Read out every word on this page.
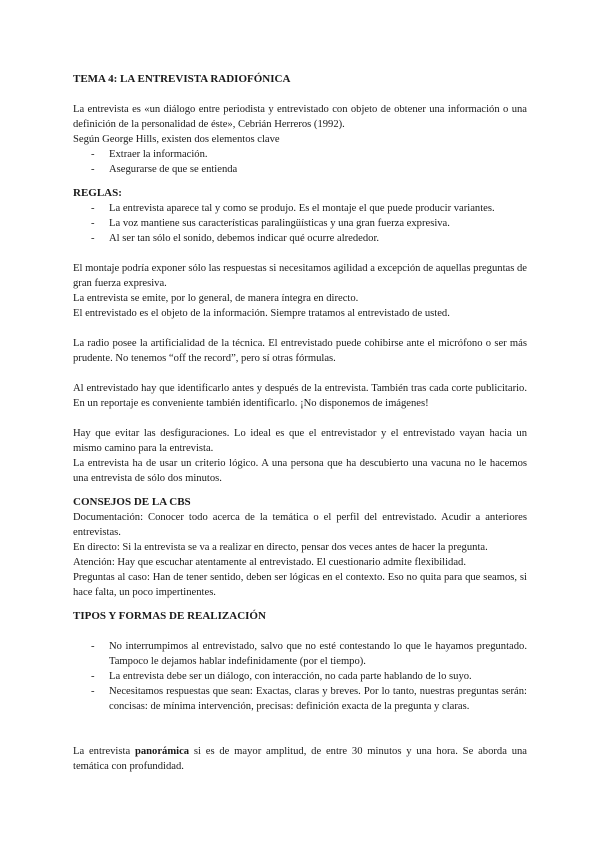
TEMA 4: LA ENTREVISTA RADIOFÓNICA

La entrevista es «un diálogo entre periodista y entrevistado con objeto de obtener una información o una definición de la personalidad de éste», Cebrián Herreros (1992).

Según George Hills, existen dos elementos clave

- Extraer la información.
- Asegurarse de que se entienda
REGLAS:
- La entrevista aparece tal y como se produjo. Es el montaje el que puede producir variantes.
- La voz mantiene sus características paralingüísticas y una gran fuerza expresiva.
- Al ser tan sólo el sonido, debemos indicar qué ocurre alrededor.

El montaje podría exponer sólo las respuestas si necesitamos agilidad a excepción de aquellas preguntas de gran fuerza expresiva.

La entrevista se emite, por lo general, de manera íntegra en directo.

El entrevistado es el objeto de la información. Siempre tratamos al entrevistado de usted.

La radio posee la artificialidad de la técnica. El entrevistado puede cohibirse ante el micrófono o ser más prudente. No tenemos “off the record”, pero sí otras fórmulas.

Al entrevistado hay que identificarlo antes y después de la entrevista. También tras cada corte publicitario. En un reportaje es conveniente también identificarlo. ¡No disponemos de imágenes!

Hay que evitar las desfiguraciones. Lo ideal es que el entrevistador y el entrevistado vayan hacia un mismo camino para la entrevista.

La entrevista ha de usar un criterio lógico. A una persona que ha descubierto una vacuna no le hacemos una entrevista de sólo dos minutos.

CONSEJOS DE LA CBS

Documentación: Conocer todo acerca de la temática o el perfil del entrevistado. Acudir a anteriores entrevistas.

En directo: Si la entrevista se va a realizar en directo, pensar dos veces antes de hacer la pregunta.

Atención: Hay que escuchar atentamente al entrevistado. El cuestionario admite flexibilidad.

Preguntas al caso: Han de tener sentido, deben ser lógicas en el contexto. Eso no quita para que seamos, si hace falta, un poco impertinentes.

TIPOS Y FORMAS DE REALIZACIÓN
- No interrumpimos al entrevistado, salvo que no esté contestando lo que le hayamos preguntado. Tampoco le dejamos hablar indefinidamente (por el tiempo).
- La entrevista debe ser un diálogo, con interacción, no cada parte hablando de lo suyo.
- Necesitamos respuestas que sean: Exactas, claras y breves. Por lo tanto, nuestras preguntas serán: concisas: de mínima intervención, precisas: definición exacta de la pregunta y claras.

La entrevista panorámica si es de mayor amplitud, de entre 30 minutos y una hora. Se aborda una temática con profundidad.
